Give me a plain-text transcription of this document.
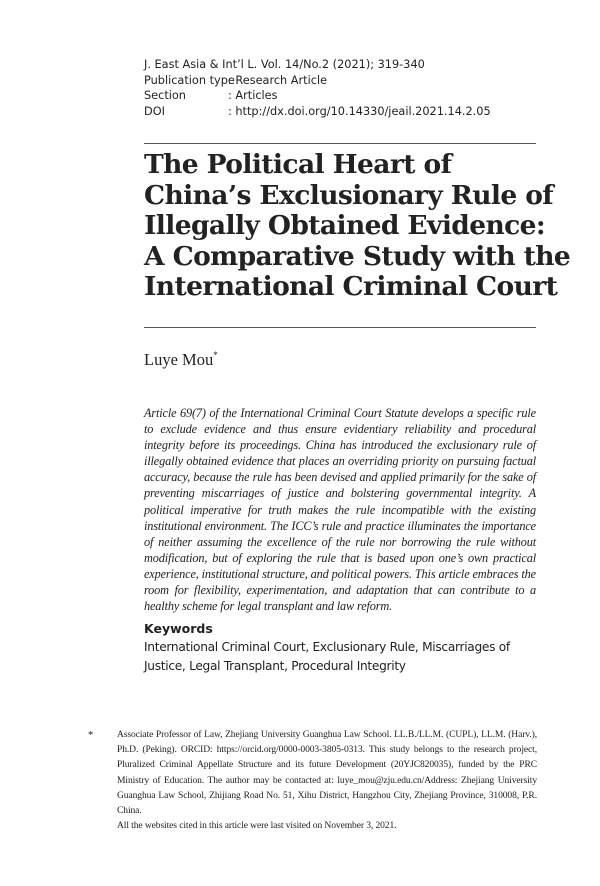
J. East Asia & Int’l L. Vol. 14/No.2 (2021); 319-340
Publication type
: Research Article
Section	: Articles
DOI	: http://dx.doi.org/10.14330/jeail.2021.14.2.05
The Political Heart of
China’s Exclusionary Rule of
Illegally Obtained Evidence:
A Comparative Study with the
International Criminal Court
Luye Mou*
Article 69(7) of the International Criminal Court Statute develops a specific rule to exclude evidence and thus ensure evidentiary reliability and procedural integrity before its proceedings. China has introduced the exclusionary rule of illegally obtained evidence that places an overriding priority on pursuing factual accuracy, because the rule has been devised and applied primarily for the sake of preventing miscarriages of justice and bolstering governmental integrity. A political imperative for truth makes the rule incompatible with the existing institutional environment. The ICC’s rule and practice illuminates the importance of neither assuming the excellence of the rule nor borrowing the rule without modification, but of exploring the rule that is based upon one’s own practical experience, institutional structure, and political powers. This article embraces the room for flexibility, experimentation, and adaptation that can contribute to a healthy scheme for legal transplant and law reform.
Keywords
International Criminal Court, Exclusionary Rule, Miscarriages of Justice, Legal Transplant, Procedural Integrity
* Associate Professor of Law, Zhejiang University Guanghua Law School. LL.B./LL.M. (CUPL), LL.M. (Harv.), Ph.D. (Peking). ORCID: https://orcid.org/0000-0003-3805-0313. This study belongs to the research project, Pluralized Criminal Appellate Structure and its future Development (20YJC820035), funded by the PRC Ministry of Education. The author may be contacted at: luye_mou@zju.edu.cn/Address: Zhejiang University Guanghua Law School, Zhijiang Road No. 51, Xihu District, Hangzhou City, Zhejiang Province, 310008, P.R. China.
All the websites cited in this article were last visited on November 3, 2021.
